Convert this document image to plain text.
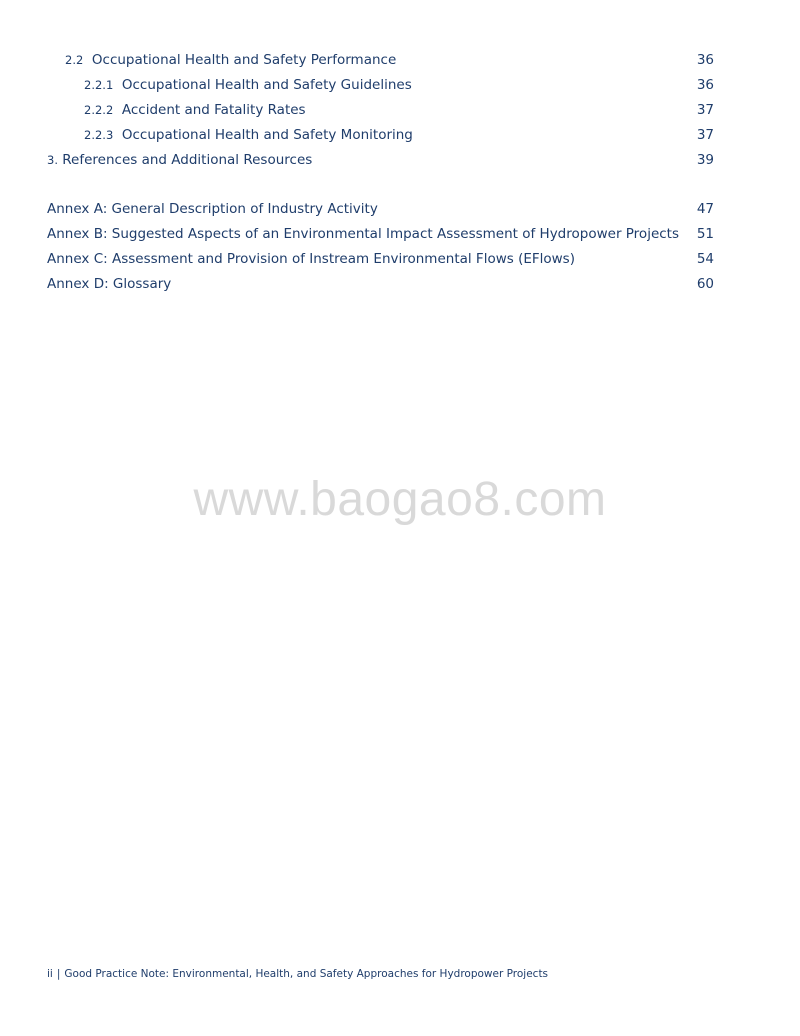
2.2 Occupational Health and Safety Performance	36
2.2.1 Occupational Health and Safety Guidelines	36
2.2.2 Accident and Fatality Rates	37
2.2.3 Occupational Health and Safety Monitoring	37
3. References and Additional Resources	39
Annex A: General Description of Industry Activity	47
Annex B: Suggested Aspects of an Environmental Impact Assessment of Hydropower Projects 51
Annex C: Assessment and Provision of Instream Environmental Flows (EFlows)	54
Annex D: Glossary	60
www.baogao8.com
ii | Good Practice Note: Environmental, Health, and Safety Approaches for Hydropower Projects
